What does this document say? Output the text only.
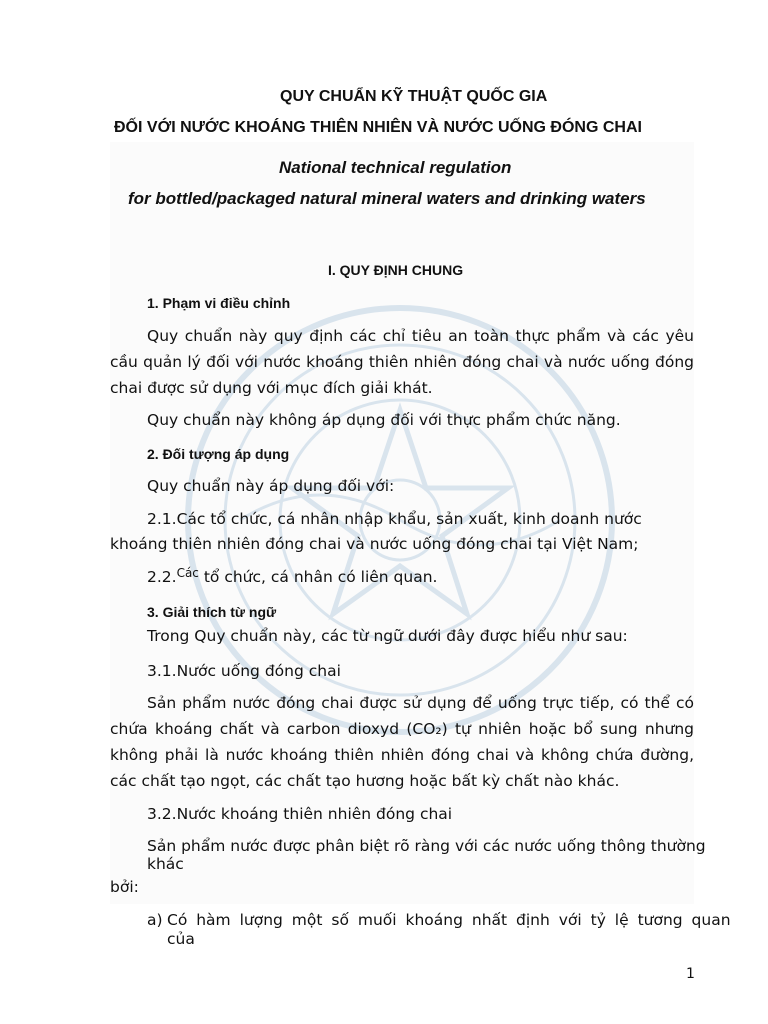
QUY CHUẨN KỸ THUẬT QUỐC GIA
ĐỐI VỚI NƯỚC KHOÁNG THIÊN NHIÊN VÀ NƯỚC UỐNG ĐÓNG CHAI
National technical regulation
for bottled/packaged natural mineral waters and drinking waters
I. QUY ĐỊNH CHUNG
1. Phạm vi điều chỉnh

Quy chuẩn này quy định các chỉ tiêu an toàn thực phẩm và các yêu cầu quản lý đối với nước khoáng thiên nhiên đóng chai và nước uống đóng chai được sử dụng với mục đích giải khát.

Quy chuẩn này không áp dụng đối với thực phẩm chức năng.

2. Đối tượng áp dụng
Quy chuẩn này áp dụng đối với:
2.1.Các tổ chức, cá nhân nhập khẩu, sản xuất, kinh doanh nước
khoáng thiên nhiên đóng chai và nước uống đóng chai tại Việt Nam;
2.2.$^{Các}$ tổ chức, cá nhân có liên quan.
3. Giải thích từ ngữ
Trong Quy chuẩn này, các từ ngữ dưới đây được hiểu như sau:
3.1.Nước uống đóng chai

Sản phẩm nước đóng chai được sử dụng để uống trực tiếp, có thể có chứa khoáng chất và carbon dioxyd (CO₂) tự nhiên hoặc bổ sung nhưng không phải là nước khoáng thiên nhiên đóng chai và không chứa đường, các chất tạo ngọt, các chất tạo hương hoặc bất kỳ chất nào khác.

3.2.Nước khoáng thiên nhiên đóng chai
Sản phẩm nước được phân biệt rõ ràng với các nước uống thông thường
khác
bởi:
a) Có hàm lượng một số muối khoáng nhất định với tỷ lệ tương quan
của
1
